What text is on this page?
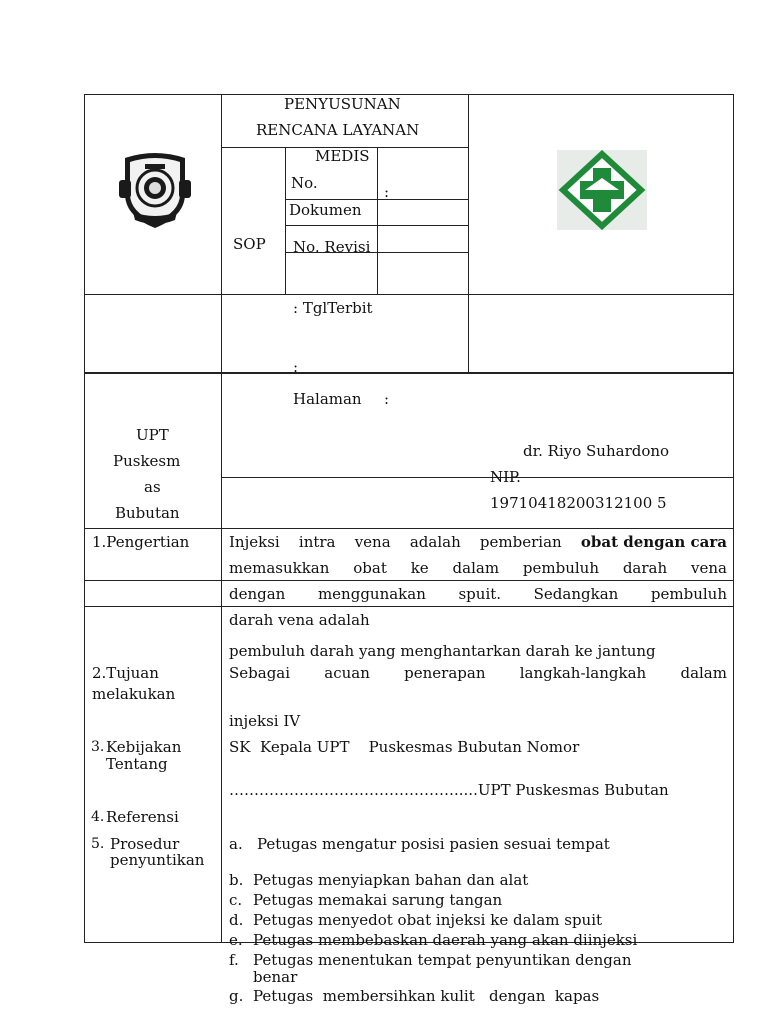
PENYUSUNAN
RENCANA LAYANAN
MEDIS
SOP
No.
Dokumen
:
No. Revisi
: TglTerbit
:
Halaman :
UPT
Puskesm
as
Bubutan
dr. Riyo Suhardono
NIP.
19710418200312100 5
1.Pengertian	Injeksi intra vena adalah pemberian obat dengan cara
memasukkan obat ke dalam pembuluh darah vena
dengan menggunakan spuit. Sedangkan pembuluh
darah vena adalah
pembuluh darah yang menghantarkan darah ke jantung
2.Tujuan
melakukan
Sebagai acuan penerapan langkah-langkah dalam
injeksi IV
3. Kebijakan
Tentang
SK  Kepala UPT    Puskesmas Bubutan Nomor
……………………………………….....UPT Puskesmas Bubutan
4. Referensi
5. Prosedur
penyuntikan
a. Petugas mengatur posisi pasien sesuai tempat
b. Petugas menyiapkan bahan dan alat
c. Petugas memakai sarung tangan
d. Petugas menyedot obat injeksi ke dalam spuit
e. Petugas membebaskan daerah yang akan diinjeksi
f. Petugas menentukan tempat penyuntikan dengan
benar
g. Petugas  membersihkan kulit   dengan  kapas
